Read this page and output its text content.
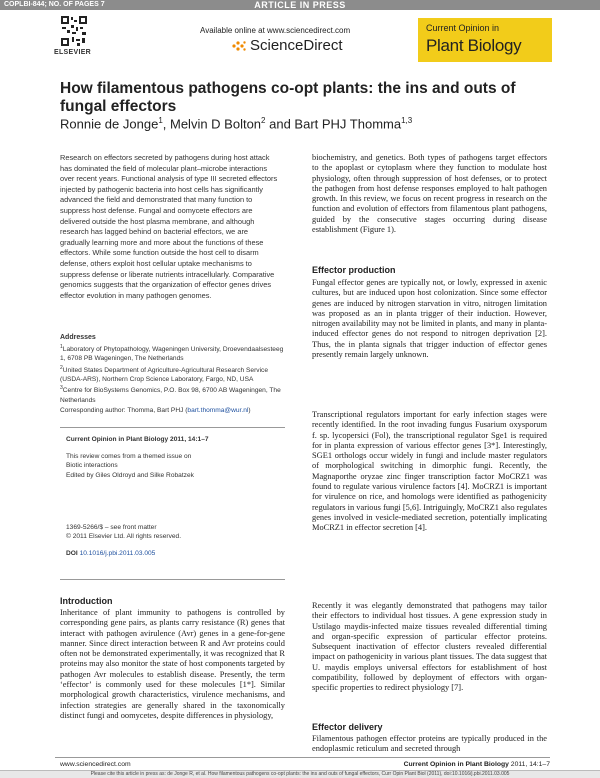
COPLBI-844; NO. OF PAGES 7	ARTICLE IN PRESS
ELSEVIER
Available online at www.sciencedirect.com
ScienceDirect
Current Opinion in
Plant Biology
How filamentous pathogens co-opt plants: the ins and outs of fungal effectors
Ronnie de Jonge$^1$, Melvin D Bolton$^2$ and Bart PHJ Thomma$^{1,3}$

Research on effectors secreted by pathogens during host attack has dominated the field of molecular plant–microbe interactions over recent years. Functional analysis of type III secreted effectors injected by pathogenic bacteria into host cells has significantly advanced the field and demonstrated that many function to suppress host defense. Fungal and oomycete effectors are delivered outside the host plasma membrane, and although research has lagged behind on bacterial effectors, we are gradually learning more and more about the functions of these effectors. While some function outside the host cell to disarm defense, others exploit host cellular uptake mechanisms to suppress defense or liberate nutrients intracellularly. Comparative genomics suggests that the organization of effector genes drives effector evolution in many pathogen genomes.

Addresses
$^1$Laboratory of Phytopathology, Wageningen University, Droevendaalsesteeg 1, 6708 PB Wageningen, The Netherlands
$^2$United States Department of Agriculture-Agricultural Research Service (USDA-ARS), Northern Crop Science Laboratory, Fargo, ND, USA
$^3$Centre for BioSystems Genomics, P.O. Box 98, 6700 AB Wageningen, The Netherlands
Corresponding author: Thomma, Bart PHJ (bart.thomma@wur.nl)
Current Opinion in Plant Biology 2011, 14:1–7
This review comes from a themed issue on
Biotic interactions
Edited by Giles Oldroyd and Silke Robatzek
1369-5266/$ – see front matter
© 2011 Elsevier Ltd. All rights reserved.
DOI 10.1016/j.pbi.2011.03.005
Introduction

Inheritance of plant immunity to pathogens is controlled by corresponding gene pairs, as plants carry resistance (R) genes that interact with pathogen avirulence (Avr) genes in a gene-for-gene manner. Since direct interaction between R and Avr proteins could often not be demonstrated experimentally, it was recognized that R proteins may also monitor the state of host components targeted by pathogen Avr molecules to establish disease. Presently, the term ‘effector’ is commonly used for these molecules [1*]. Similar morphological growth characteristics, virulence mechanisms, and infection strategies are generally shared in the taxonomically distinct fungi and oomycetes, despite differences in physiology,

biochemistry, and genetics. Both types of pathogens target effectors to the apoplast or cytoplasm where they function to modulate host physiology, often through suppression of host defenses, or to protect the pathogen from host defense responses employed to halt pathogen growth. In this review, we focus on recent progress in research on the function and evolution of effectors from filamentous plant pathogens, guided by the consecutive stages occurring during disease establishment (Figure 1).

Effector production

Fungal effector genes are typically not, or lowly, expressed in axenic cultures, but are induced upon host colonization. Since some effector genes are induced by nitrogen starvation in vitro, nitrogen limitation was proposed as an in planta trigger of their induction. However, nitrogen availability may not be limited in plants, and many in planta-induced effector genes do not respond to nitrogen deprivation [2]. Thus, the in planta signals that trigger induction of effector genes presently remain largely unknown.

Transcriptional regulators important for early infection stages were recently identified. In the root invading fungus Fusarium oxysporum f. sp. lycopersici (Fol), the transcriptional regulator Sge1 is required for in planta expression of various effector genes [3*]. Interestingly, SGE1 orthologs occur widely in fungi and include master regulators of morphological switching in dimorphic fungi. Recently, the Magnaporthe oryzae zinc finger transcription factor MoCRZ1 was found to regulate various virulence factors [4]. MoCRZ1 is important for virulence on rice, and homologs were identified as pathogenicity regulators in various fungi [5,6]. Intriguingly, MoCRZ1 also regulates genes involved in vesicle-mediated secretion, potentially implicating MoCRZ1 in effector secretion [4].

Recently it was elegantly demonstrated that pathogens may tailor their effectors to individual host tissues. A gene expression study in Ustilago maydis-infected maize tissues revealed differential timing and organ-specific expression of particular effector proteins. Subsequent inactivation of effector clusters revealed differential impact on pathogenicity in various plant tissues. The data suggest that U. maydis employs universal effectors for establishment of host compatibility, followed by deployment of effectors with organ-specific properties to redirect physiology [7].

Effector delivery

Filamentous pathogen effector proteins are typically produced in the endoplasmic reticulum and secreted through

www.sciencedirect.com	Current Opinion in Plant Biology 2011, 14:1–7
Please cite this article in press as: de Jonge R, et al. How filamentous pathogens co-opt plants: the ins and outs of fungal effectors, Curr Opin Plant Biol (2011), doi:10.1016/j.pbi.2011.03.005
